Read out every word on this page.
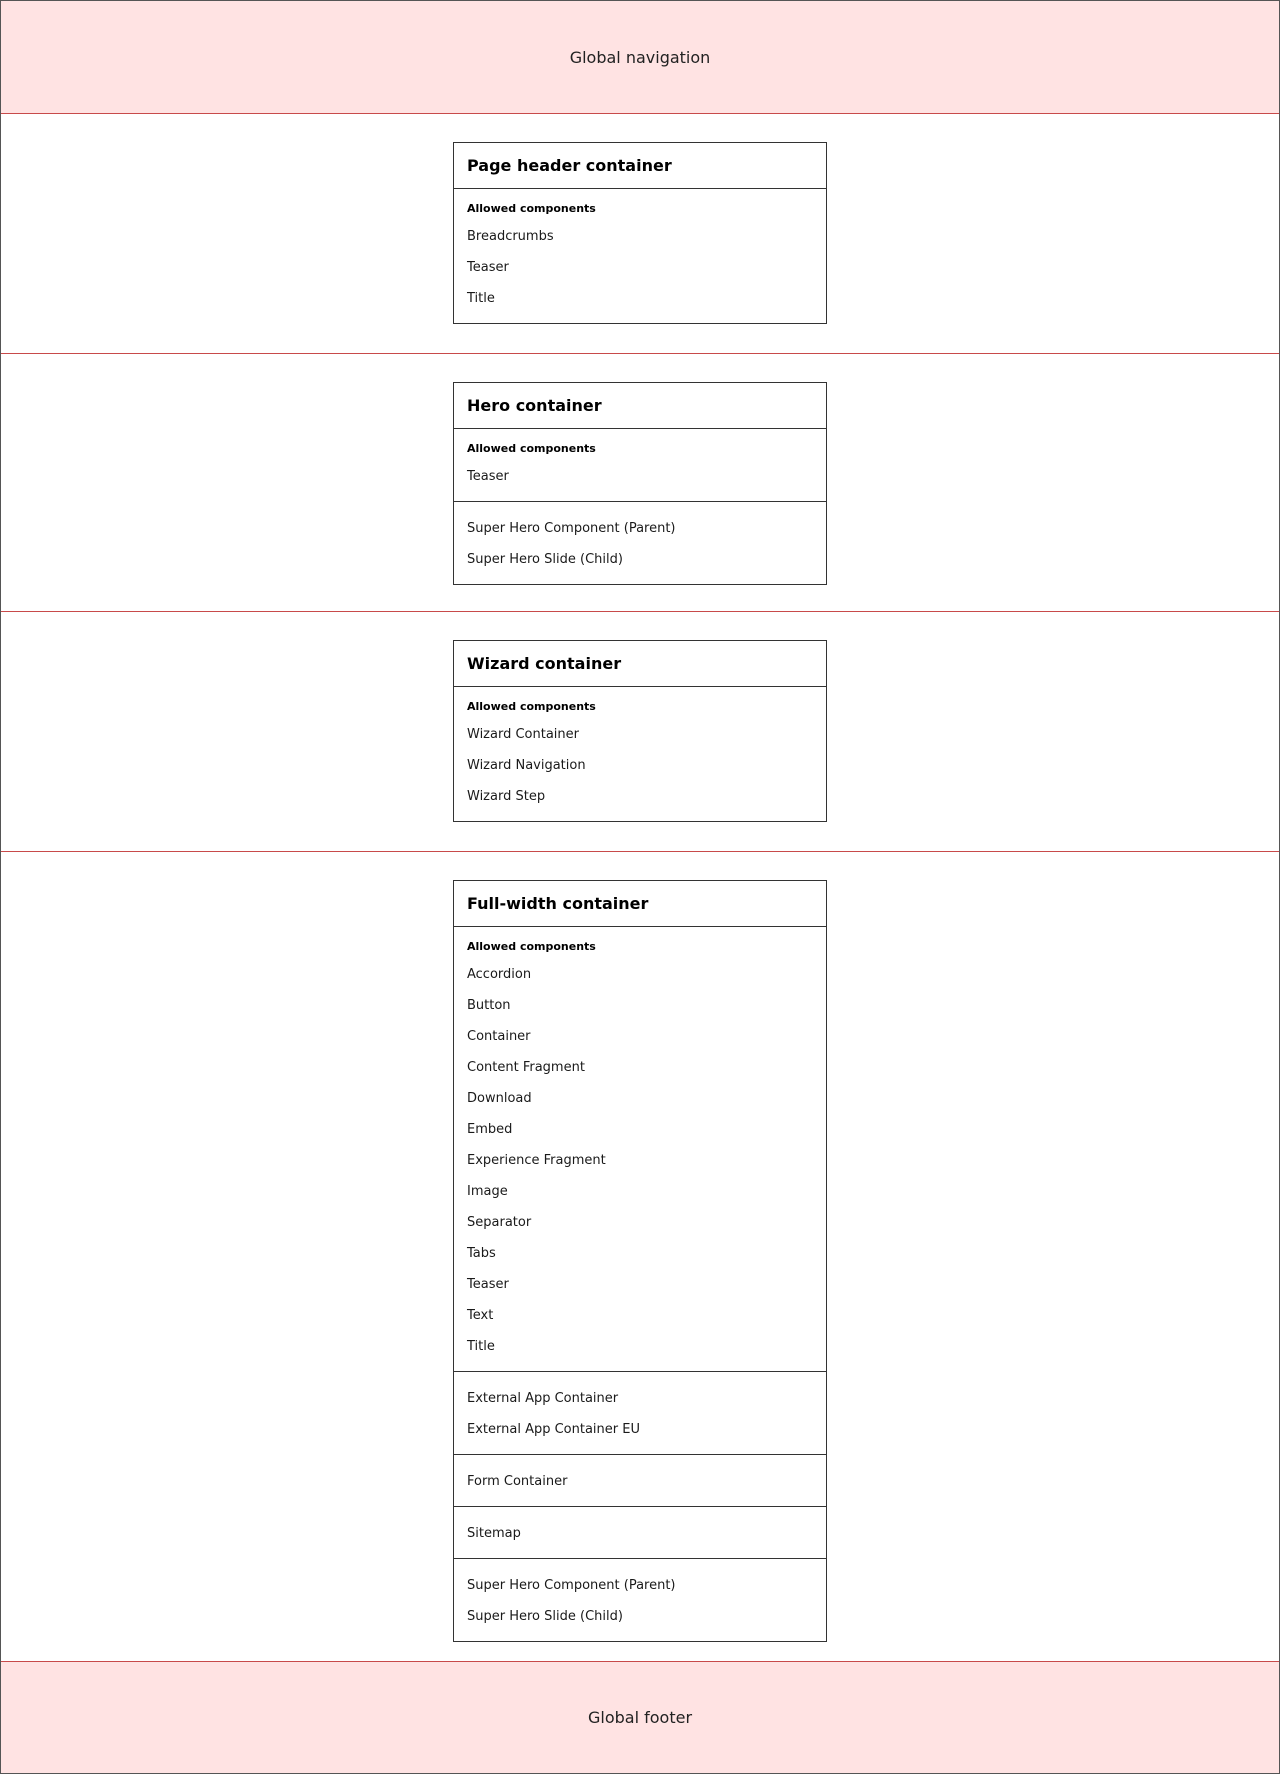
Global navigation
Page header container
Allowed components
Breadcrumbs
Teaser
Title
Hero container
Allowed components
Teaser
Super Hero Component (Parent)
Super Hero Slide (Child)
Wizard container
Allowed components
Wizard Container
Wizard Navigation
Wizard Step
Full-width container
Allowed components
Accordion
Button
Container
Content Fragment
Download
Embed
Experience Fragment
Image
Separator
Tabs
Teaser
Text
Title
External App Container
External App Container EU
Form Container
Sitemap
Super Hero Component (Parent)
Super Hero Slide (Child)
Global footer
